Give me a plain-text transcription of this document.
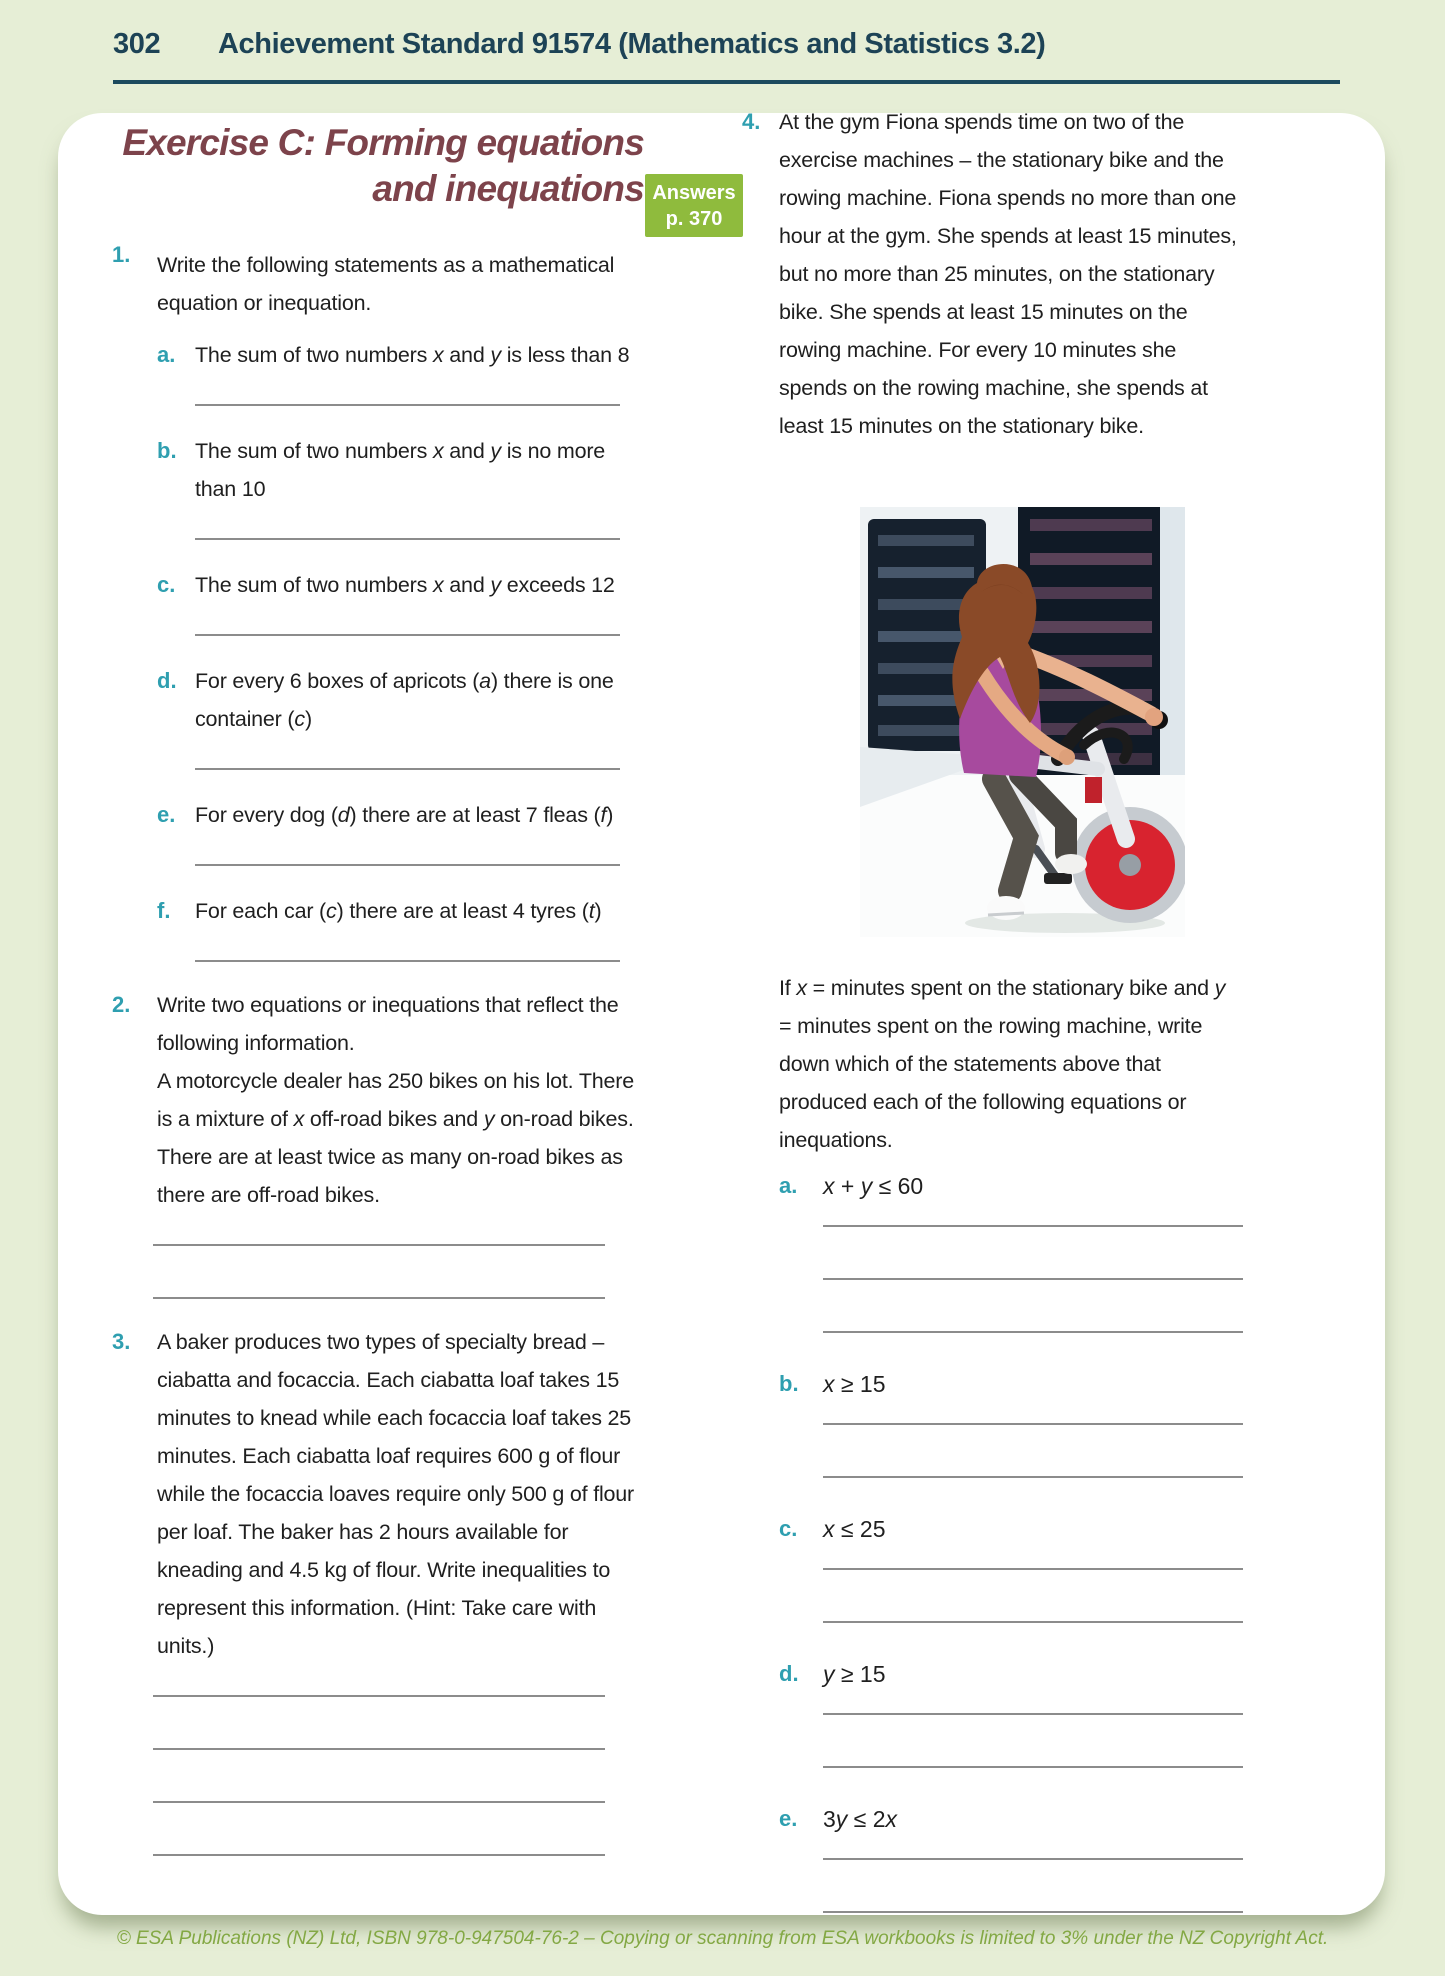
302 Achievement Standard 91574 (Mathematics and Statistics 3.2)
Answers
p. 370
Exercise C: Forming equations
and inequations
1.	Write the following statements as a mathematical equation or inequation.

a. The sum of two numbers x and y is less than 8

b. The sum of two numbers x and y is no more than 10

c. The sum of two numbers x and y exceeds 12

d. For every 6 boxes of apricots (a) there is one container (c)

e. For every dog (d) there are at least 7 fleas (f)

f.	For each car (c) there are at least 4 tyres (t)

2.	Write two equations or inequations that reflect the following information.

A motorcycle dealer has 250 bikes on his lot. There is a mixture of x off-road bikes and y on-road bikes. There are at least twice as many on-road bikes as there are off-road bikes.

3.	A baker produces two types of specialty bread – ciabatta and focaccia. Each ciabatta loaf takes 15 minutes to knead while each focaccia loaf takes 25 minutes. Each ciabatta loaf requires 600 g of flour while the focaccia loaves require only 500 g of flour per loaf. The baker has 2 hours available for kneading and 4.5 kg of flour. Write inequalities to represent this information. (Hint: Take care with units.)

4. At the gym Fiona spends time on two of the exercise machines – the stationary bike and the rowing machine. Fiona spends no more than one hour at the gym. She spends at least 15 minutes, but no more than 25 minutes, on the stationary bike. She spends at least 15 minutes on the rowing machine. For every 10 minutes she spends on the rowing machine, she spends at least 15 minutes on the stationary bike.

If x = minutes spent on the stationary bike and y = minutes spent on the rowing machine, write down which of the statements above that produced each of the following equations or inequations.

a.	x + y ≤ 60

b.	x ≥ 15

c.	x ≤ 25

d.	y ≥ 15

e.	3y ≤ 2x

© ESA Publications (NZ) Ltd, ISBN 978-0-947504-76-2 – Copying or scanning from ESA workbooks is limited to 3% under the NZ Copyright Act.
